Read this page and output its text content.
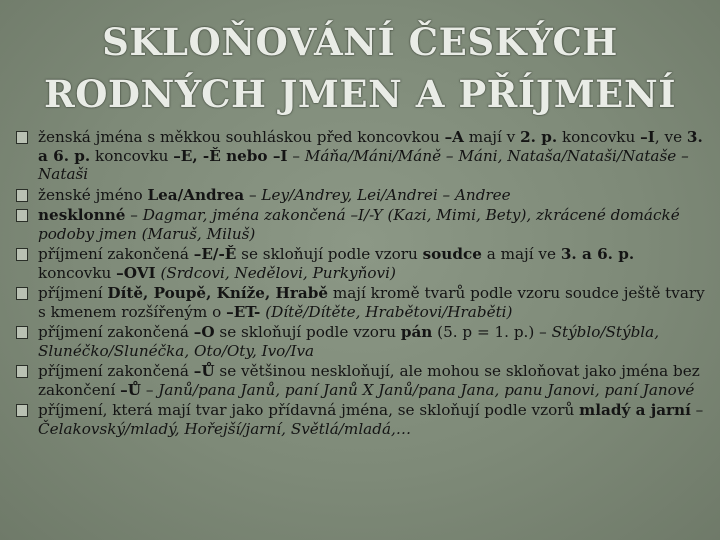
SKLOŇOVÁNÍ ČESKÝCH
RODNÝCH JMEN A PŘÍJMENÍ
ženská jména s měkkou souhláskou před koncovkou –A mají v 2. p. koncovku –I, ve 3. a 6. p. koncovku –E, -Ě nebo –I – Máňa/Máni/Máně – Máni, Nataša/Nataši/Nataše – Nataši
ženské jméno Lea/Andrea – Ley/Andrey, Lei/Andrei – Andree
nesklonné – Dagmar, jména zakončená –I/-Y (Kazi, Mimi, Bety), zkrácené domácké podoby jmen (Maruš, Miluš)
příjmení zakončená –E/-Ě se skloňují podle vzoru soudce a mají ve 3. a 6. p. koncovku –OVI (Srdcovi, Nedělovi, Purkyňovi)
příjmení Dítě, Poupě, Kníže, Hrabě mají kromě tvarů podle vzoru soudce ještě tvary s kmenem rozšířeným o –ET- (Dítě/Dítěte, Hrabětovi/Hraběti)
příjmení zakončená –O se skloňují podle vzoru pán (5. p = 1. p.) – Stýblo/Stýbla, Slunéčko/Slunéčka, Oto/Oty, Ivo/Iva
příjmení zakončená –Ů se většinou neskloňují, ale mohou se skloňovat jako jména bez zakončení –Ů – Janů/pana Janů, paní Janů X Janů/pana Jana, panu Janovi, paní Janové
příjmení, která mají tvar jako přídavná jména, se skloňují podle vzorů mladý a jarní – Čelakovský/mladý, Hořejší/jarní, Světlá/mladá,…
